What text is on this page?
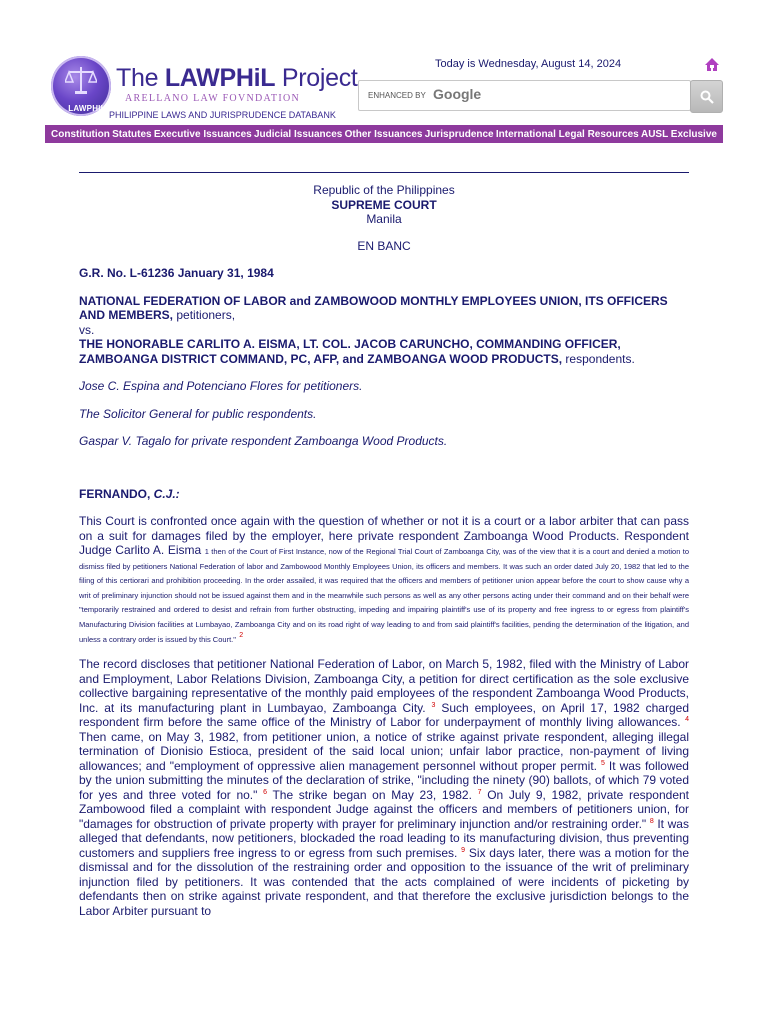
LAWPHIL
The LAWPHiL Project
ARELLANO LAW FOVNDATION
PHILIPPINE LAWS AND JURISPRUDENCE DATABANK
Today is Wednesday, August 14, 2024
ENHANCED BY Google
Constitution Statutes Executive Issuances Judicial Issuances Other Issuances Jurisprudence International Legal Resources AUSL Exclusive
Republic of the Philippines
SUPREME COURT
Manila
EN BANC
G.R. No. L-61236 January 31, 1984
NATIONAL FEDERATION OF LABOR and ZAMBOWOOD MONTHLY EMPLOYEES UNION, ITS OFFICERS AND MEMBERS, petitioners,
vs.
THE HONORABLE CARLITO A. EISMA, LT. COL. JACOB CARUNCHO, COMMANDING OFFICER, ZAMBOANGA DISTRICT COMMAND, PC, AFP, and ZAMBOANGA WOOD PRODUCTS, respondents.
Jose C. Espina and Potenciano Flores for petitioners.
The Solicitor General for public respondents.
Gaspar V. Tagalo for private respondent Zamboanga Wood Products.
FERNANDO, C.J.:

This Court is confronted once again with the question of whether or not it is a court or a labor arbiter that can pass on a suit for damages filed by the employer, here private respondent Zamboanga Wood Products. Respondent Judge Carlito A. Eisma 1 then of the Court of First Instance, now of the Regional Trial Court of Zamboanga City, was of the view that it is a court and denied a motion to dismiss filed by petitioners National Federation of labor and Zambowood Monthly Employees Union, its officers and members. It was such an order dated July 20, 1982 that led to the filing of this certiorari and prohibition proceeding. In the order assailed, it was required that the officers and members of petitioner union appear before the court to show cause why a writ of preliminary injunction should not be issued against them and in the meanwhile such persons as well as any other persons acting under their command and on their behalf were "temporarily restrained and ordered to desist and refrain from further obstructing, impeding and impairing plaintiff's use of its property and free ingress to or egress from plaintiff's Manufacturing Division facilities at Lumbayao, Zamboanga City and on its road right of way leading to and from said plaintiff's facilities, pending the determination of the litigation, and unless a contrary order is issued by this Court." $^2$

The record discloses that petitioner National Federation of Labor, on March 5, 1982, filed with the Ministry of Labor and Employment, Labor Relations Division, Zamboanga City, a petition for direct certification as the sole exclusive collective bargaining representative of the monthly paid employees of the respondent Zamboanga Wood Products, Inc. at its manufacturing plant in Lumbayao, Zamboanga City. $^3$ Such employees, on April 17, 1982 charged respondent firm before the same office of the Ministry of Labor for underpayment of monthly living allowances. $^4$ Then came, on May 3, 1982, from petitioner union, a notice of strike against private respondent, alleging illegal termination of Dionisio Estioca, president of the said local union; unfair labor practice, non-payment of living allowances; and "employment of oppressive alien management personnel without proper permit. $^5$ It was followed by the union submitting the minutes of the declaration of strike, "including the ninety (90) ballots, of which 79 voted for yes and three voted for no." $^6$ The strike began on May 23, 1982. $^7$ On July 9, 1982, private respondent Zambowood filed a complaint with respondent Judge against the officers and members of petitioners union, for "damages for obstruction of private property with prayer for preliminary injunction and/or restraining order." $^8$ It was alleged that defendants, now petitioners, blockaded the road leading to its manufacturing division, thus preventing customers and suppliers free ingress to or egress from such premises. $^9$ Six days later, there was a motion for the dismissal and for the dissolution of the restraining order and opposition to the issuance of the writ of preliminary injunction filed by petitioners. It was contended that the acts complained of were incidents of picketing by defendants then on strike against private respondent, and that therefore the exclusive jurisdiction belongs to the Labor Arbiter pursuant to
